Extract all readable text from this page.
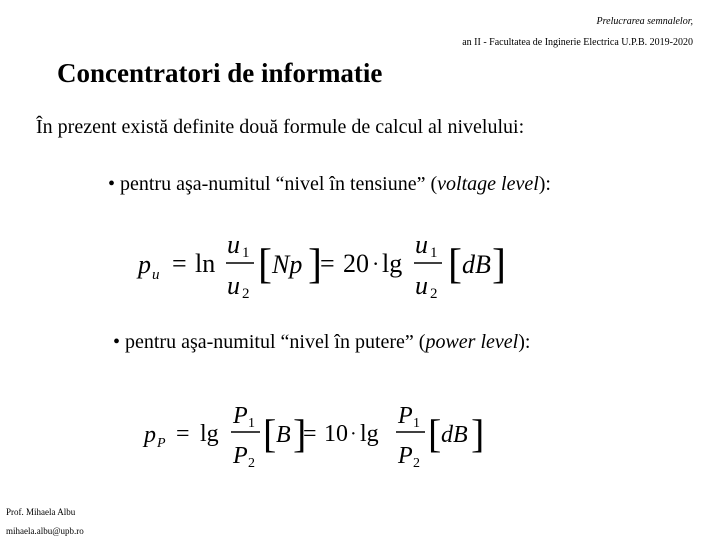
Prelucrarea semnalelor,
an II - Facultatea de Inginerie Electrica U.P.B. 2019-2020
Concentratori de informatie
În prezent există definite două formule de calcul al nivelului:
• pentru aşa-numitul “nivel în tensiune” (voltage level):
p u = ln
u 1
u 2
[ Np ]
= 20 · lg
u 1
u 2
[ dB ]
• pentru aşa-numitul “nivel în putere” (power level):
p P = lg
P 1
P 2
[ B ]
= 10 · lg
P 1
P 2
[ dB ]
Prof. Mihaela Albu
mihaela.albu@upb.ro
